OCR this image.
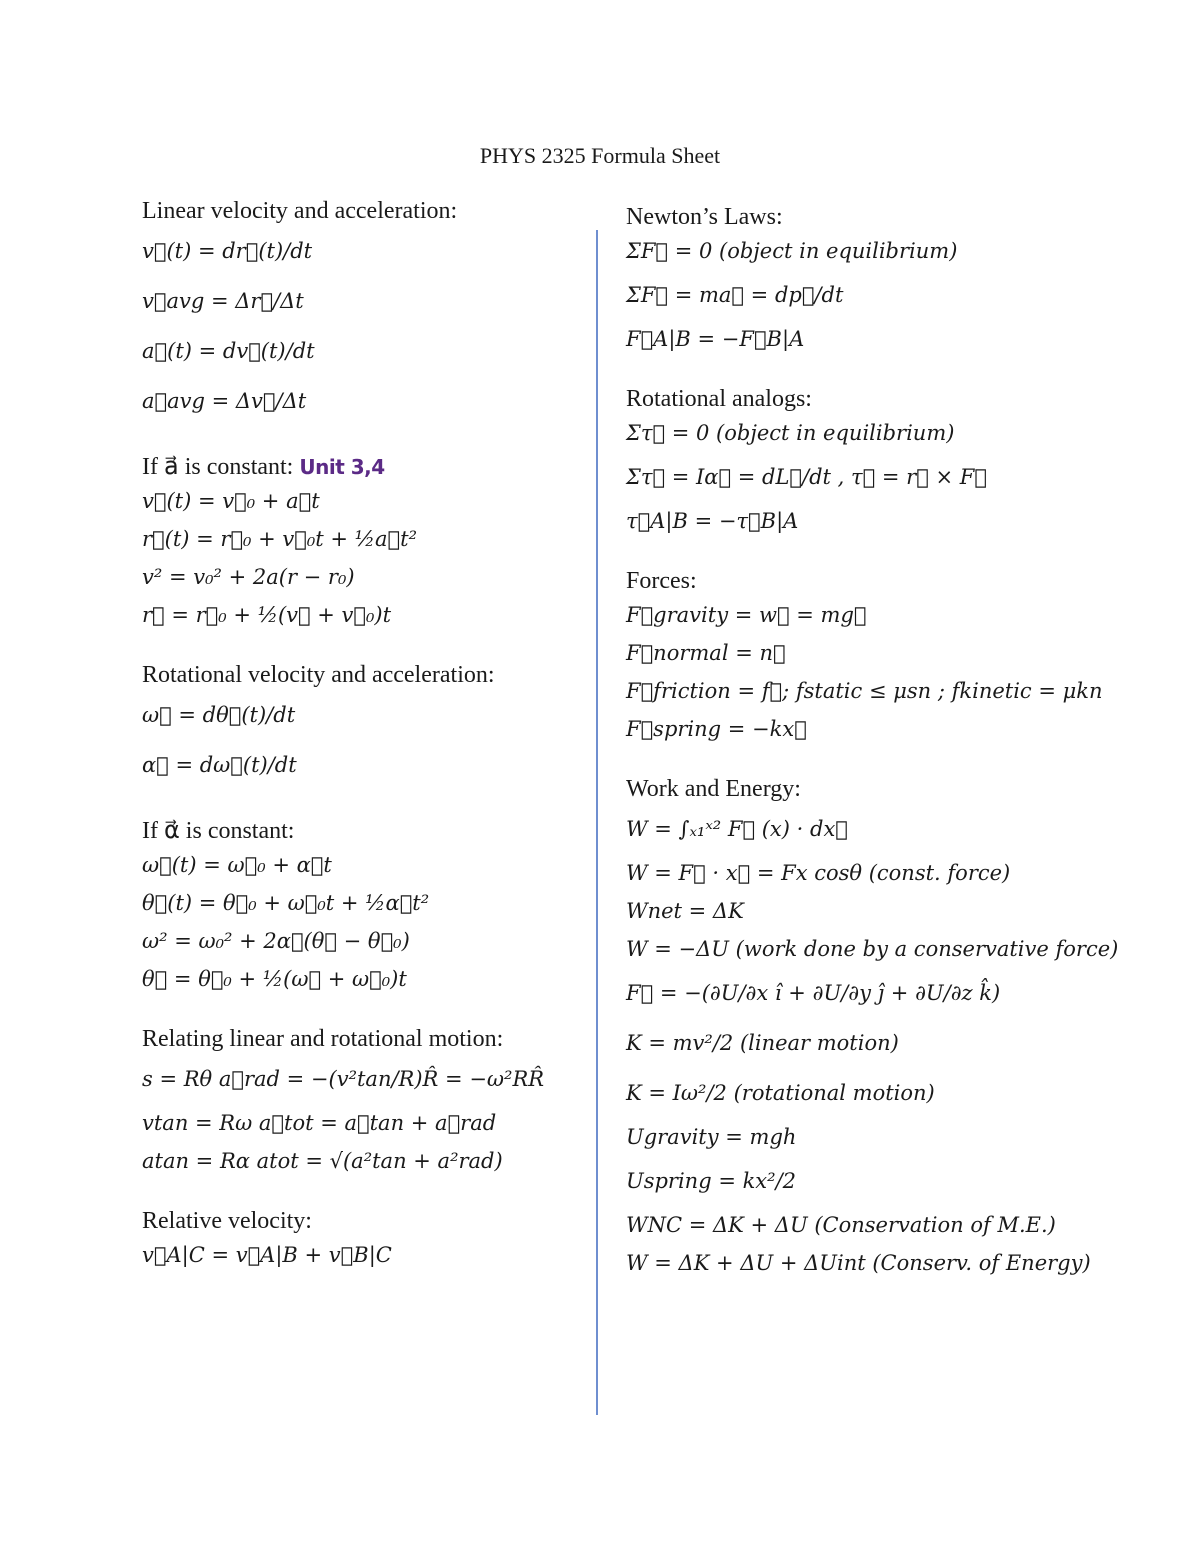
PHYS 2325 Formula Sheet
Linear velocity and acceleration:
v⃗(t) = dr⃗(t)/dt
v⃗avg = Δr⃗/Δt
a⃗(t) = dv⃗(t)/dt
a⃗avg = Δv⃗/Δt
If a⃗ is constant: Unit 3,4
v⃗(t) = v⃗₀ + a⃗t
r⃗(t) = r⃗₀ + v⃗₀t + ½a⃗t²
v² = v₀² + 2a(r − r₀)
r⃗ = r⃗₀ + ½(v⃗ + v⃗₀)t
Rotational velocity and acceleration:
ω⃗ = dθ⃗(t)/dt
α⃗ = dω⃗(t)/dt
If α⃗ is constant:
ω⃗(t) = ω⃗₀ + α⃗t
θ⃗(t) = θ⃗₀ + ω⃗₀t + ½α⃗t²
ω² = ω₀² + 2α⃗(θ⃗ − θ⃗₀)
θ⃗ = θ⃗₀ + ½(ω⃗ + ω⃗₀)t
Relating linear and rotational motion:
s = Rθ a⃗rad = −(v²tan/R)R̂ = −ω²RR̂
vtan = Rω a⃗tot = a⃗tan + a⃗rad
atan = Rα atot = √(a²tan + a²rad)
Relative velocity:
v⃗A|C = v⃗A|B + v⃗B|C
Newton’s Laws:
ΣF⃗ = 0 (object in equilibrium)
ΣF⃗ = ma⃗ = dp⃗/dt
F⃗A|B = −F⃗B|A
Rotational analogs:
Στ⃗ = 0 (object in equilibrium)
Στ⃗ = Iα⃗ = dL⃗/dt , τ⃗ = r⃗ × F⃗
τ⃗A|B = −τ⃗B|A
Forces:
F⃗gravity = w⃗ = mg⃗
F⃗normal = n⃗
F⃗friction = f⃗; fstatic ≤ μsn ; fkinetic = μkn
F⃗spring = −kx⃗
Work and Energy:
W = ∫ₓ₁ˣ² F⃗ (x) · dx⃗
W = F⃗ · x⃗ = Fx cosθ (const. force)
Wnet = ΔK
W = −ΔU (work done by a conservative force)
F⃗ = −(∂U/∂x î + ∂U/∂y ĵ + ∂U/∂z k̂)
K = mv²/2 (linear motion)
K = Iω²/2 (rotational motion)
Ugravity = mgh
Uspring = kx²/2
WNC = ΔK + ΔU (Conservation of M.E.)
W = ΔK + ΔU + ΔUint (Conserv. of Energy)
